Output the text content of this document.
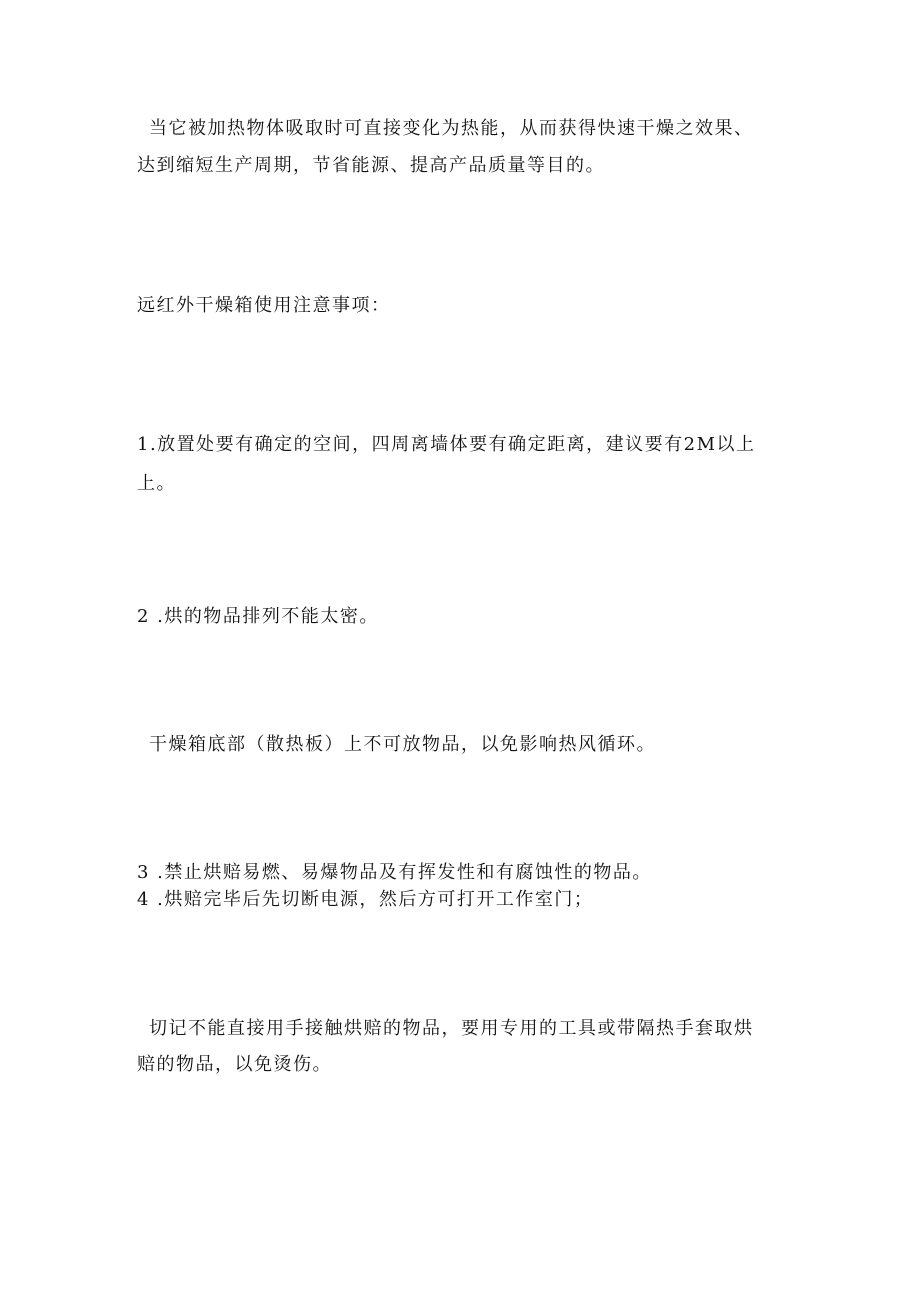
当它被加热物体吸取时可直接变化为热能，从而获得快速干燥之效果、

达到缩短生产周期，节省能源、提高产品质量等目的。

远红外干燥箱使用注意事项：

1.放置处要有确定的空间，四周离墙体要有确定距离，建议要有2M以上

上。

2 .烘的物品排列不能太密。

干燥箱底部（散热板）上不可放物品，以免影响热风循环。

3 .禁止烘赔易燃、易爆物品及有挥发性和有腐蚀性的物品。

4 .烘赔完毕后先切断电源，然后方可打开工作室门；

切记不能直接用手接触烘赔的物品，要用专用的工具或带隔热手套取烘

赔的物品，以免烫伤。
